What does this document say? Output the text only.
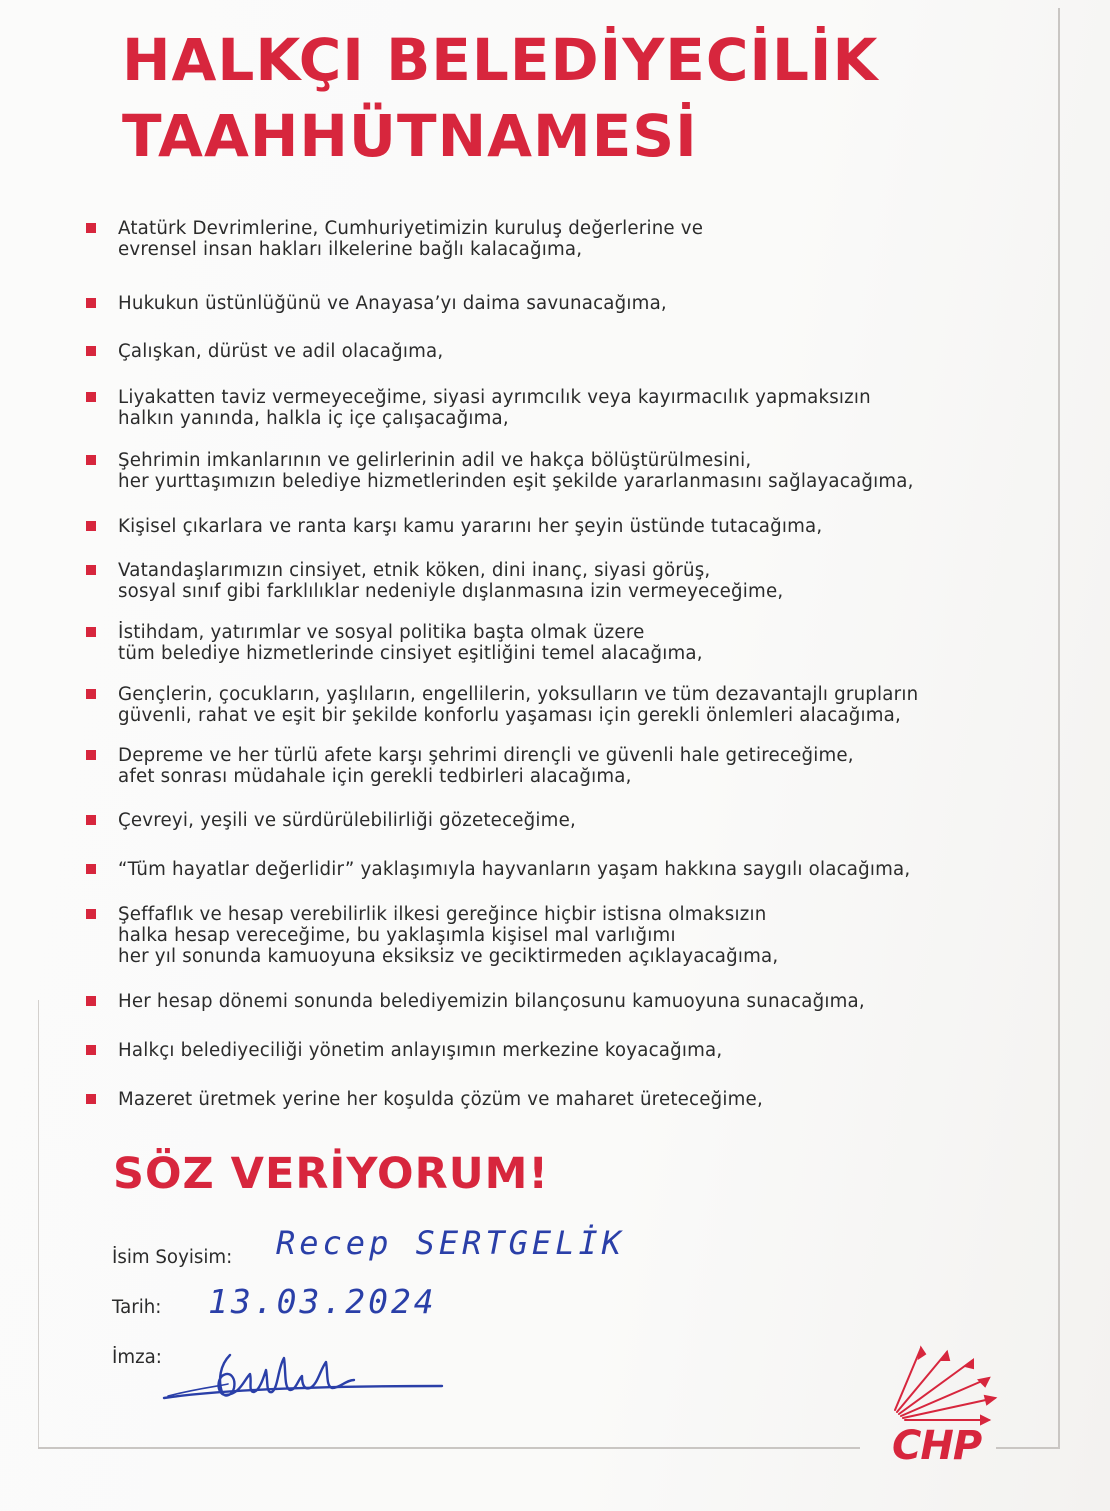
HALKÇI BELEDİYECİLİK
TAAHHÜTNAMESİ
Atatürk Devrimlerine, Cumhuriyetimizin kuruluş değerlerine ve
evrensel insan hakları ilkelerine bağlı kalacağıma,
Hukukun üstünlüğünü ve Anayasa’yı daima savunacağıma,
Çalışkan, dürüst ve adil olacağıma,
Liyakatten taviz vermeyeceğime, siyasi ayrımcılık veya kayırmacılık yapmaksızın
halkın yanında, halkla iç içe çalışacağıma,
Şehrimin imkanlarının ve gelirlerinin adil ve hakça bölüştürülmesini,
her yurttaşımızın belediye hizmetlerinden eşit şekilde yararlanmasını sağlayacağıma,
Kişisel çıkarlara ve ranta karşı kamu yararını her şeyin üstünde tutacağıma,
Vatandaşlarımızın cinsiyet, etnik köken, dini inanç, siyasi görüş,
sosyal sınıf gibi farklılıklar nedeniyle dışlanmasına izin vermeyeceğime,
İstihdam, yatırımlar ve sosyal politika başta olmak üzere
tüm belediye hizmetlerinde cinsiyet eşitliğini temel alacağıma,
Gençlerin, çocukların, yaşlıların, engellilerin, yoksulların ve tüm dezavantajlı grupların
güvenli, rahat ve eşit bir şekilde konforlu yaşaması için gerekli önlemleri alacağıma,
Depreme ve her türlü afete karşı şehrimi dirençli ve güvenli hale getireceğime,
afet sonrası müdahale için gerekli tedbirleri alacağıma,
Çevreyi, yeşili ve sürdürülebilirliği gözeteceğime,
“Tüm hayatlar değerlidir” yaklaşımıyla hayvanların yaşam hakkına saygılı olacağıma,
Şeffaflık ve hesap verebilirlik ilkesi gereğince hiçbir istisna olmaksızın
halka hesap vereceğime, bu yaklaşımla kişisel mal varlığımı
her yıl sonunda kamuoyuna eksiksiz ve geciktirmeden açıklayacağıma,
Her hesap dönemi sonunda belediyemizin bilançosunu kamuoyuna sunacağıma,
Halkçı belediyeciliği yönetim anlayışımın merkezine koyacağıma,
Mazeret üretmek yerine her koşulda çözüm ve maharet üreteceğime,
SÖZ VERİYORUM!
İsim Soyisim: Recep SERTGELİK
Tarih: 13.03.2024
İmza:
CHP
